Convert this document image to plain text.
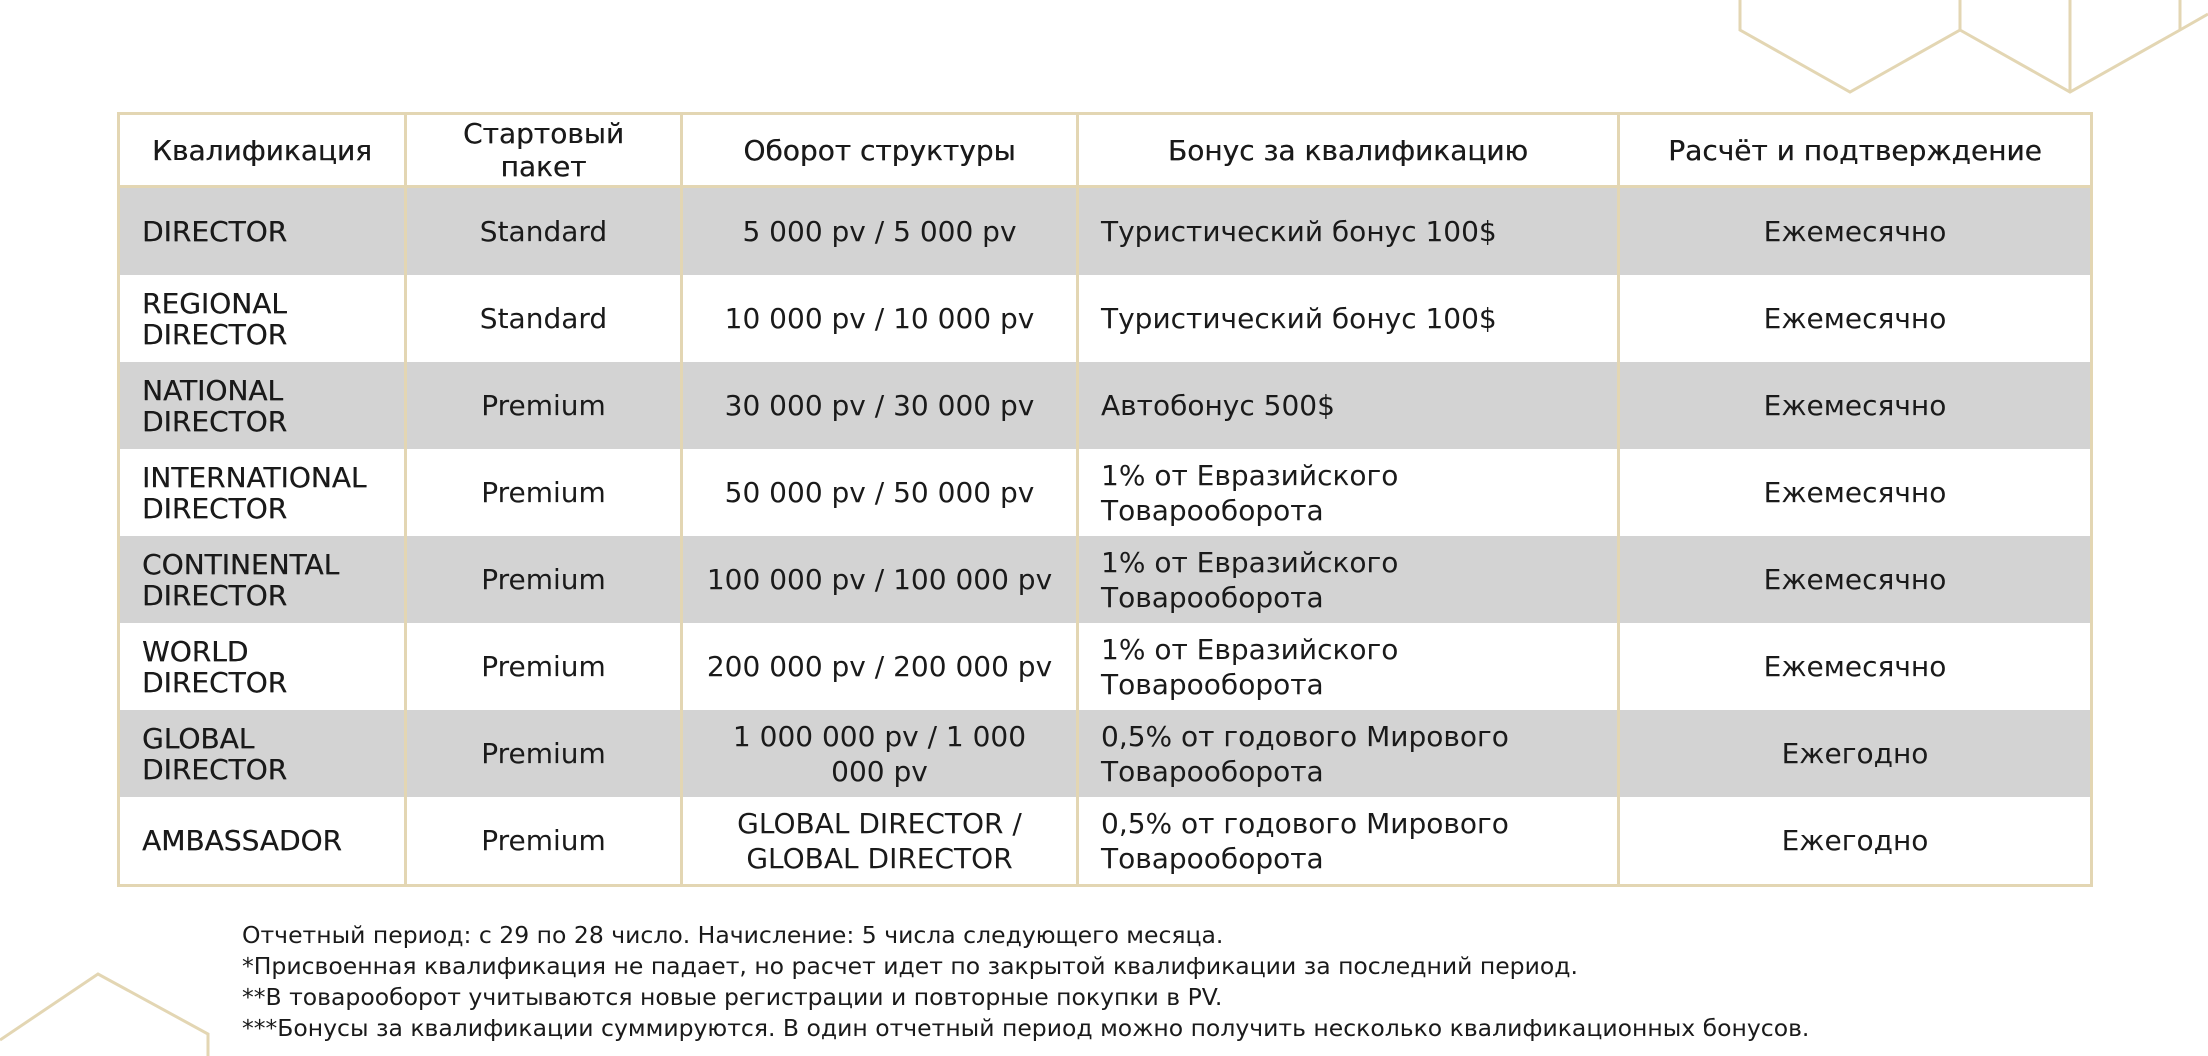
Квалификация	Стартовый пакет	Оборот структуры	Бонус за квалификацию	Расчёт и подтверждение
DIRECTOR	Standard	5 000 pv / 5 000 pv	Туристический бонус 100$	Ежемесячно
REGIONAL DIRECTOR	Standard	10 000 pv / 10 000 pv	Туристический бонус 100$	Ежемесячно
NATIONAL DIRECTOR	Premium	30 000 pv / 30 000 pv	Автобонус 500$	Ежемесячно
INTERNATIONAL DIRECTOR	Premium	50 000 pv / 50 000 pv	1% от Евразийского Товарооборота	Ежемесячно
CONTINENTAL DIRECTOR	Premium	100 000 pv / 100 000 pv	1% от Евразийского Товарооборота	Ежемесячно
WORLD DIRECTOR	Premium	200 000 pv / 200 000 pv	1% от Евразийского Товарооборота	Ежемесячно
GLOBAL DIRECTOR	Premium	1 000 000 pv / 1 000 000 pv	0,5% от годового Мирового Товарооборота	Ежегодно
AMBASSADOR	Premium	GLOBAL DIRECTOR / GLOBAL DIRECTOR	0,5% от годового Мирового Товарооборота	Ежегодно
Отчетный период: с 29 по 28 число. Начисление: 5 числа следующего месяца.
*Присвоенная квалификация не падает, но расчет идет по закрытой квалификации за последний период.
**В товарооборот учитываются новые регистрации и повторные покупки в PV.
***Бонусы за квалификации суммируются. В один отчетный период можно получить несколько квалификационных бонусов.
